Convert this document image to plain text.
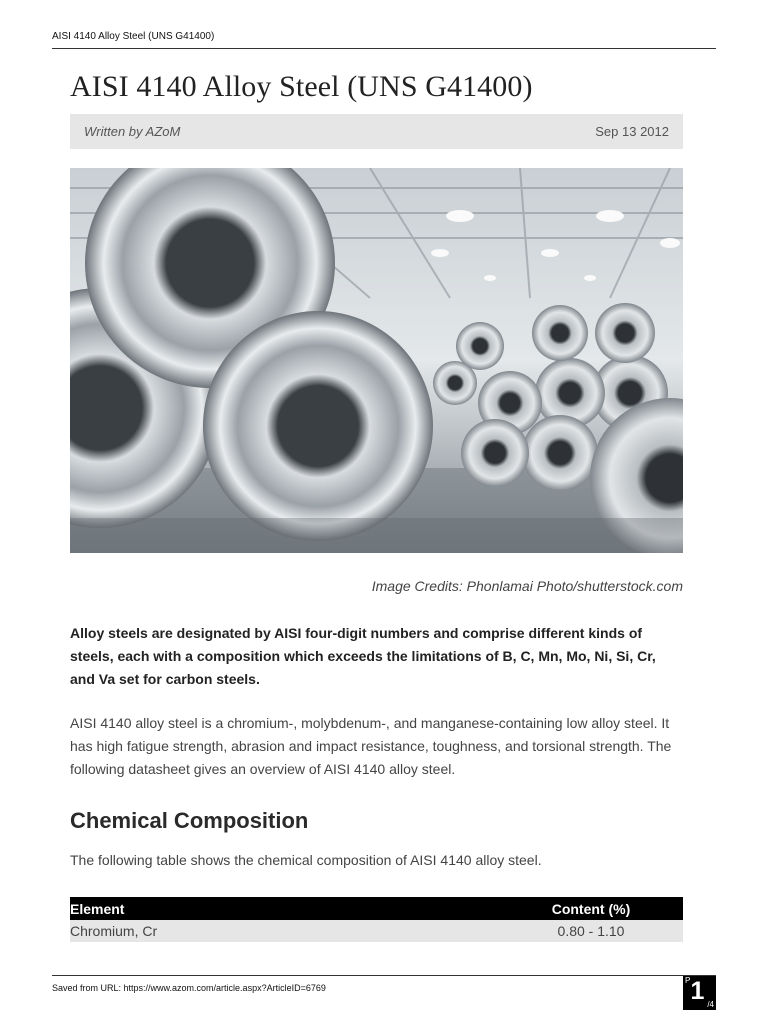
AISI 4140 Alloy Steel (UNS G41400)
AISI 4140 Alloy Steel (UNS G41400)
Written by AZoM	Sep 13 2012
Image Credits: Phonlamai Photo/shutterstock.com

Alloy steels are designated by AISI four-digit numbers and comprise different kinds of steels, each with a composition which exceeds the limitations of B, C, Mn, Mo, Ni, Si, Cr, and Va set for carbon steels.

AISI 4140 alloy steel is a chromium-, molybdenum-, and manganese-containing low alloy steel. It has high fatigue strength, abrasion and impact resistance, toughness, and torsional strength. The following datasheet gives an overview of AISI 4140 alloy steel.

Chemical Composition

The following table shows the chemical composition of AISI 4140 alloy steel.

Element	Content (%)
Chromium, Cr	0.80 - 1.10
Saved from URL: https://www.azom.com/article.aspx?ArticleID=6769
P 1 /4
